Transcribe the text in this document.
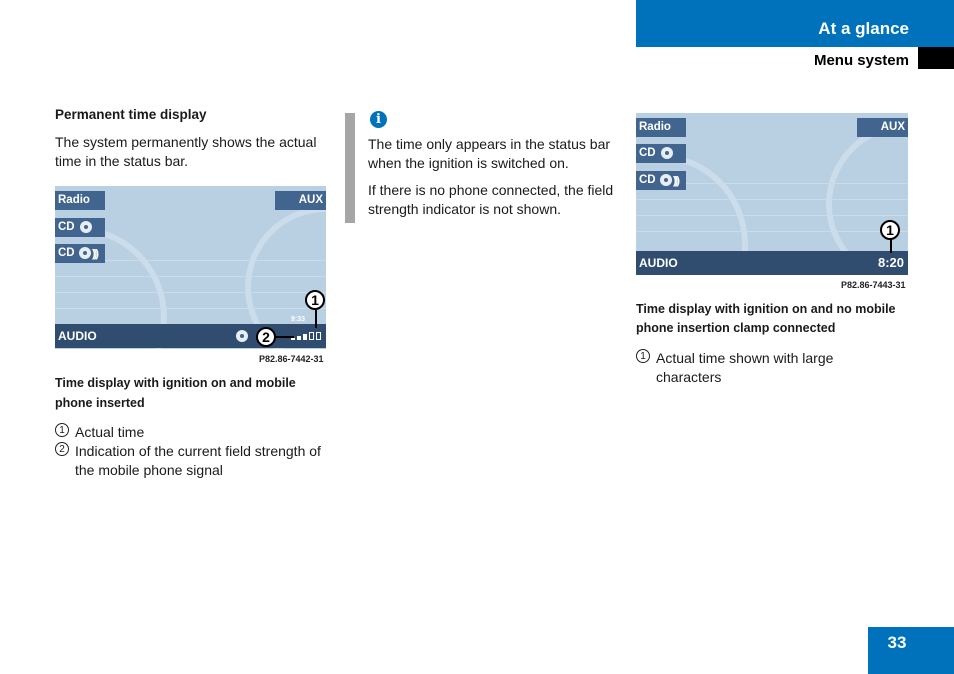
At a glance
Menu system
Permanent time display
The system permanently shows the actual time in the status bar.
Radio
CD
CD )))
AUX
AUDIO
9:33
1
2
P82.86-7442-31
Time display with ignition on and mobile phone inserted
1 Actual time
2 Indication of the current field strength of the mobile phone signal
i
The time only appears in the status bar when the ignition is switched on.
If there is no phone connected, the field strength indicator is not shown.
Radio
CD
CD )))
AUX
AUDIO	8:20
1
P82.86-7443-31
Time display with ignition on and no mobile phone insertion clamp connected
1 Actual time shown with large characters
33
